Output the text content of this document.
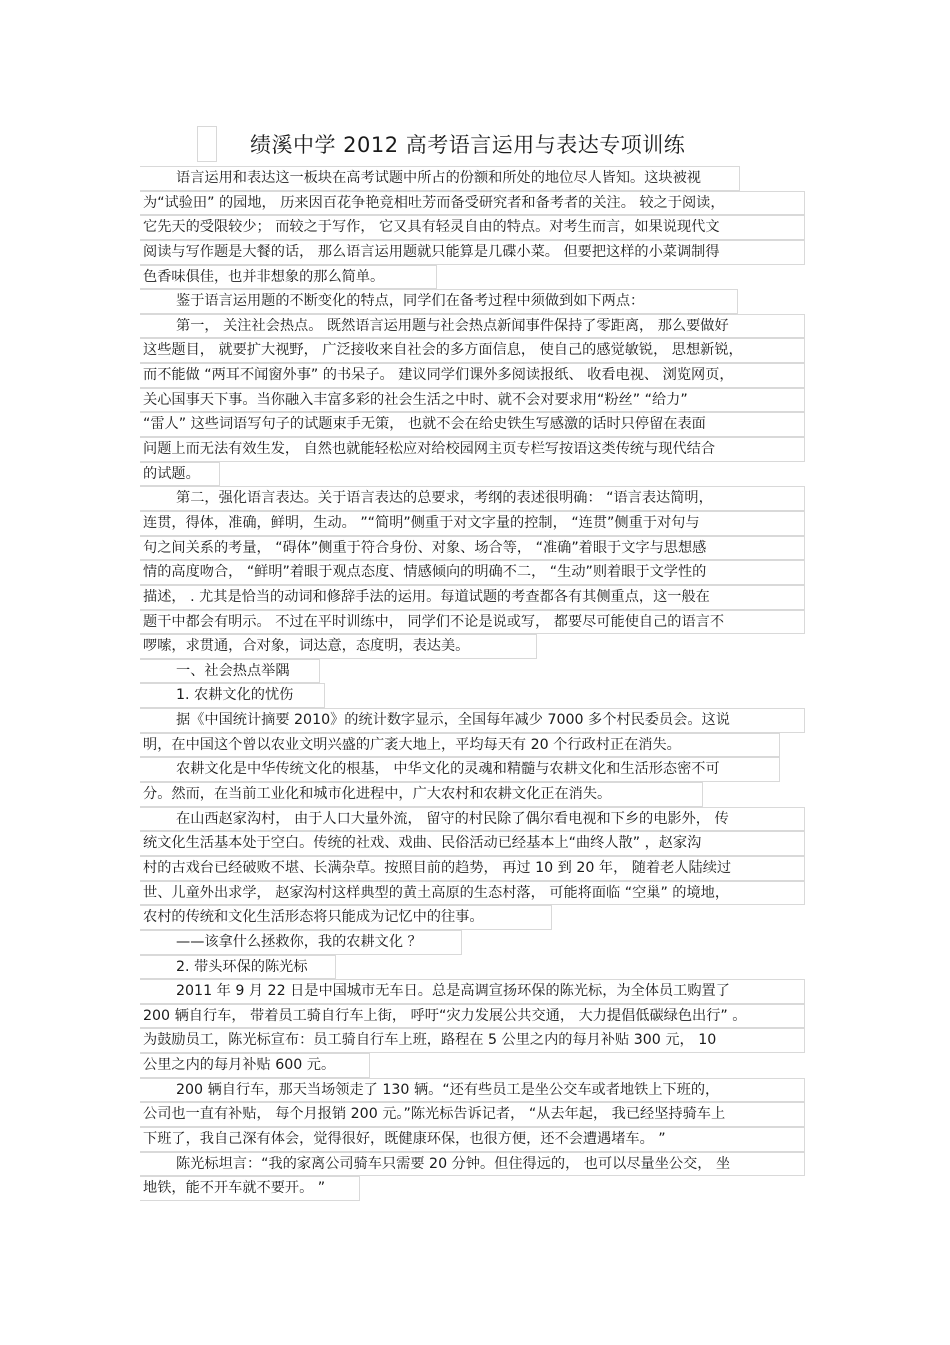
绩溪中学 2012 高考语言运用与表达专项训练
语言运用和表达这一板块在高考试题中所占的份额和所处的地位尽人皆知。这块被视
为“试验田” 的园地， 历来因百花争艳竞相吐芳而备受研究者和备考者的关注。 较之于阅读，
它先天的受限较少； 而较之于写作， 它又具有轻灵自由的特点。对考生而言，如果说现代文
阅读与写作题是大餐的话， 那么语言运用题就只能算是几碟小菜。 但要把这样的小菜调制得
色香味俱佳，也并非想象的那么简单。
鉴于语言运用题的不断变化的特点，同学们在备考过程中须做到如下两点：
第一， 关注社会热点。 既然语言运用题与社会热点新闻事件保持了零距离， 那么要做好
这些题目， 就要扩大视野， 广泛接收来自社会的多方面信息， 使自己的感觉敏锐， 思想新锐，
而不能做 “两耳不闻窗外事” 的书呆子。 建议同学们课外多阅读报纸、 收看电视、 浏览网页，
关心国事天下事。当你融入丰富多彩的社会生活之中时、就不会对要求用“粉丝” “给力”
“雷人” 这些词语写句子的试题束手无策， 也就不会在给史铁生写感激的话时只停留在表面
问题上而无法有效生发， 自然也就能轻松应对给校园网主页专栏写按语这类传统与现代结合
的试题。
第二，强化语言表达。关于语言表达的总要求，考纲的表述很明确： “语言表达简明，
连贯，得体，准确，鲜明，生动。 ”“简明”侧重于对文字量的控制， “连贯”侧重于对句与
句之间关系的考量， “碍体”侧重于符合身份、对象、场合等， “准确”着眼于文字与思想感
情的高度吻合， “鲜明”着眼于观点态度、情感倾向的明确不二， “生动”则着眼于文学性的
描述， . 尤其是恰当的动词和修辞手法的运用。每道试题的考查都各有其侧重点，这一般在
题干中都会有明示。 不过在平时训练中， 同学们不论是说或写， 都要尽可能使自己的语言不
啰嗦，求贯通，合对象，词达意，态度明，表达美。
一、社会热点举隅
1. 农耕文化的忧伤
据《中国统计摘要 2010》的统计数字显示，全国每年减少 7000 多个村民委员会。这说
明，在中国这个曾以农业文明兴盛的广袤大地上，平均每天有 20 个行政村正在消失。
农耕文化是中华传统文化的根基， 中华文化的灵魂和精髓与农耕文化和生活形态密不可
分。然而，在当前工业化和城市化进程中，广大农村和农耕文化正在消失。
在山西赵家沟村， 由于人口大量外流， 留守的村民除了偶尔看电视和下乡的电影外， 传
统文化生活基本处于空白。传统的社戏、戏曲、民俗活动已经基本上“曲终人散” ，赵家沟
村的古戏台已经破败不堪、长满杂草。按照目前的趋势， 再过 10 到 20 年， 随着老人陆续过
世、儿童外出求学， 赵家沟村这样典型的黄土高原的生态村落， 可能将面临 “空巢” 的境地，
农村的传统和文化生活形态将只能成为记忆中的往事。
——该拿什么拯救你，我的农耕文化 ？
2. 带头环保的陈光标
2011 年 9 月 22 日是中国城市无车日。总是高调宣扬环保的陈光标，为全体员工购置了
200 辆自行车， 带着员工骑自行车上街， 呼吁“灾力发展公共交通， 大力提倡低碳绿色出行” 。
为鼓励员工，陈光标宣布：员工骑自行车上班，路程在 5 公里之内的每月补贴 300 元， 10
公里之内的每月补贴 600 元。
200 辆自行车，那天当场领走了 130 辆。“还有些员工是坐公交车或者地铁上下班的，
公司也一直有补贴， 每个月报销 200 元。”陈光标告诉记者， “从去年起， 我已经坚持骑车上
下班了，我自己深有体会，觉得很好，既健康环保，也很方便，还不会遭遇堵车。 ”
陈光标坦言：“我的家离公司骑车只需要 20 分钟。但住得远的， 也可以尽量坐公交， 坐
地铁，能不开车就不要开。 ”
